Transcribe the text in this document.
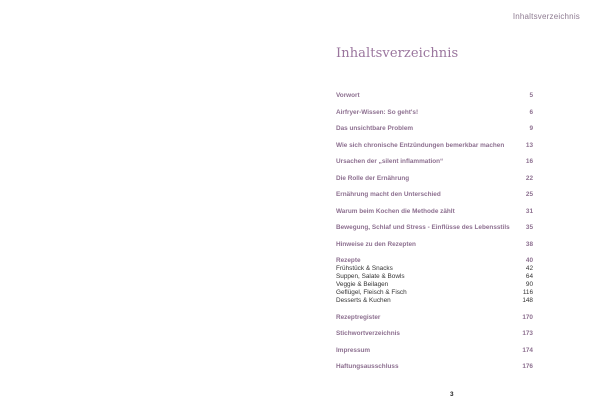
Inhaltsverzeichnis
Inhaltsverzeichnis
Vorwort	5
Airfryer-Wissen: So geht's!	6
Das unsichtbare Problem	9
Wie sich chronische Entzündungen bemerkbar machen	13
Ursachen der „silent inflammation“	16
Die Rolle der Ernährung	22
Ernährung macht den Unterschied	25
Warum beim Kochen die Methode zählt	31
Bewegung, Schlaf und Stress - Einflüsse des Lebensstils	35
Hinweise zu den Rezepten	38
Rezepte	40
Frühstück & Snacks	42
Suppen, Salate & Bowls	64
Veggie & Beilagen	90
Geflügel, Fleisch & Fisch	116
Desserts & Kuchen	148
Rezeptregister	170
Stichwortverzeichnis	173
Impressum	174
Haftungsausschluss	176
3
